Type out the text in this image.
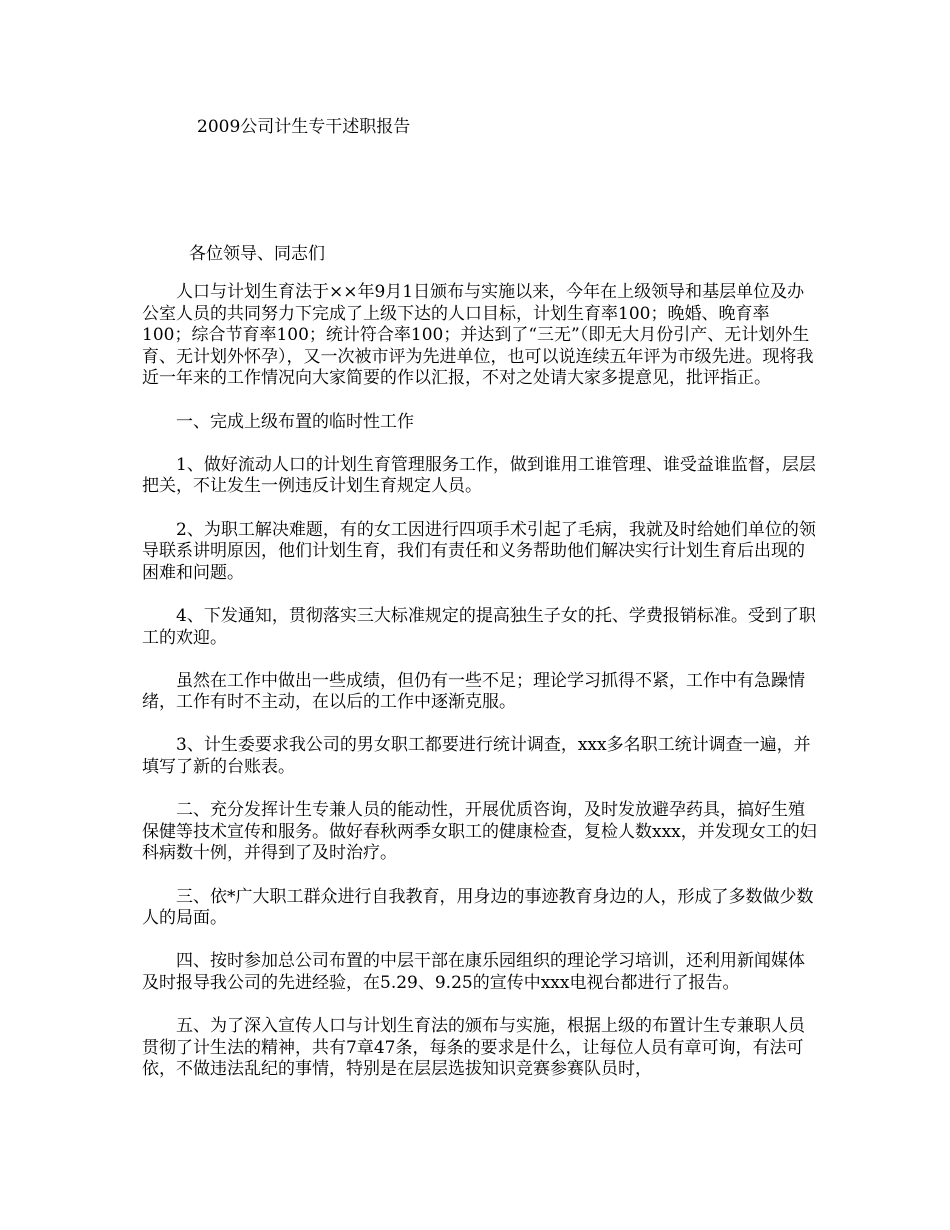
2009公司计生专干述职报告
各位领导、同志们

人口与计划生育法于××年9月1日颁布与实施以来，今年在上级领导和基层单位及办公室人员的共同努力下完成了上级下达的人口目标，计划生育率100；晚婚、晚育率100；综合节育率100；统计符合率100；并达到了“三无”（即无大月份引产、无计划外生育、无计划外怀孕），又一次被市评为先进单位，也可以说连续五年评为市级先进。现将我近一年来的工作情况向大家简要的作以汇报，不对之处请大家多提意见，批评指正。

一、完成上级布置的临时性工作

1、做好流动人口的计划生育管理服务工作，做到谁用工谁管理、谁受益谁监督，层层把关，不让发生一例违反计划生育规定人员。

2、为职工解决难题，有的女工因进行四项手术引起了毛病，我就及时给她们单位的领导联系讲明原因，他们计划生育，我们有责任和义务帮助他们解决实行计划生育后出现的困难和问题。

4、下发通知，贯彻落实三大标准规定的提高独生子女的托、学费报销标准。受到了职工的欢迎。

虽然在工作中做出一些成绩，但仍有一些不足；理论学习抓得不紧，工作中有急躁情绪，工作有时不主动，在以后的工作中逐渐克服。

3、计生委要求我公司的男女职工都要进行统计调查，xxx多名职工统计调查一遍，并填写了新的台账表。

二、充分发挥计生专兼人员的能动性，开展优质咨询，及时发放避孕药具，搞好生殖保健等技术宣传和服务。做好春秋两季女职工的健康检查，复检人数xxx，并发现女工的妇科病数十例，并得到了及时治疗。

三、依*广大职工群众进行自我教育，用身边的事迹教育身边的人，形成了多数做少数人的局面。

四、按时参加总公司布置的中层干部在康乐园组织的理论学习培训，还利用新闻媒体及时报导我公司的先进经验，在5.29、9.25的宣传中xxx电视台都进行了报告。

五、为了深入宣传人口与计划生育法的颁布与实施，根据上级的布置计生专兼职人员贯彻了计生法的精神，共有7章47条，每条的要求是什么，让每位人员有章可询，有法可依，不做违法乱纪的事情，特别是在层层选拔知识竞赛参赛队员时，
